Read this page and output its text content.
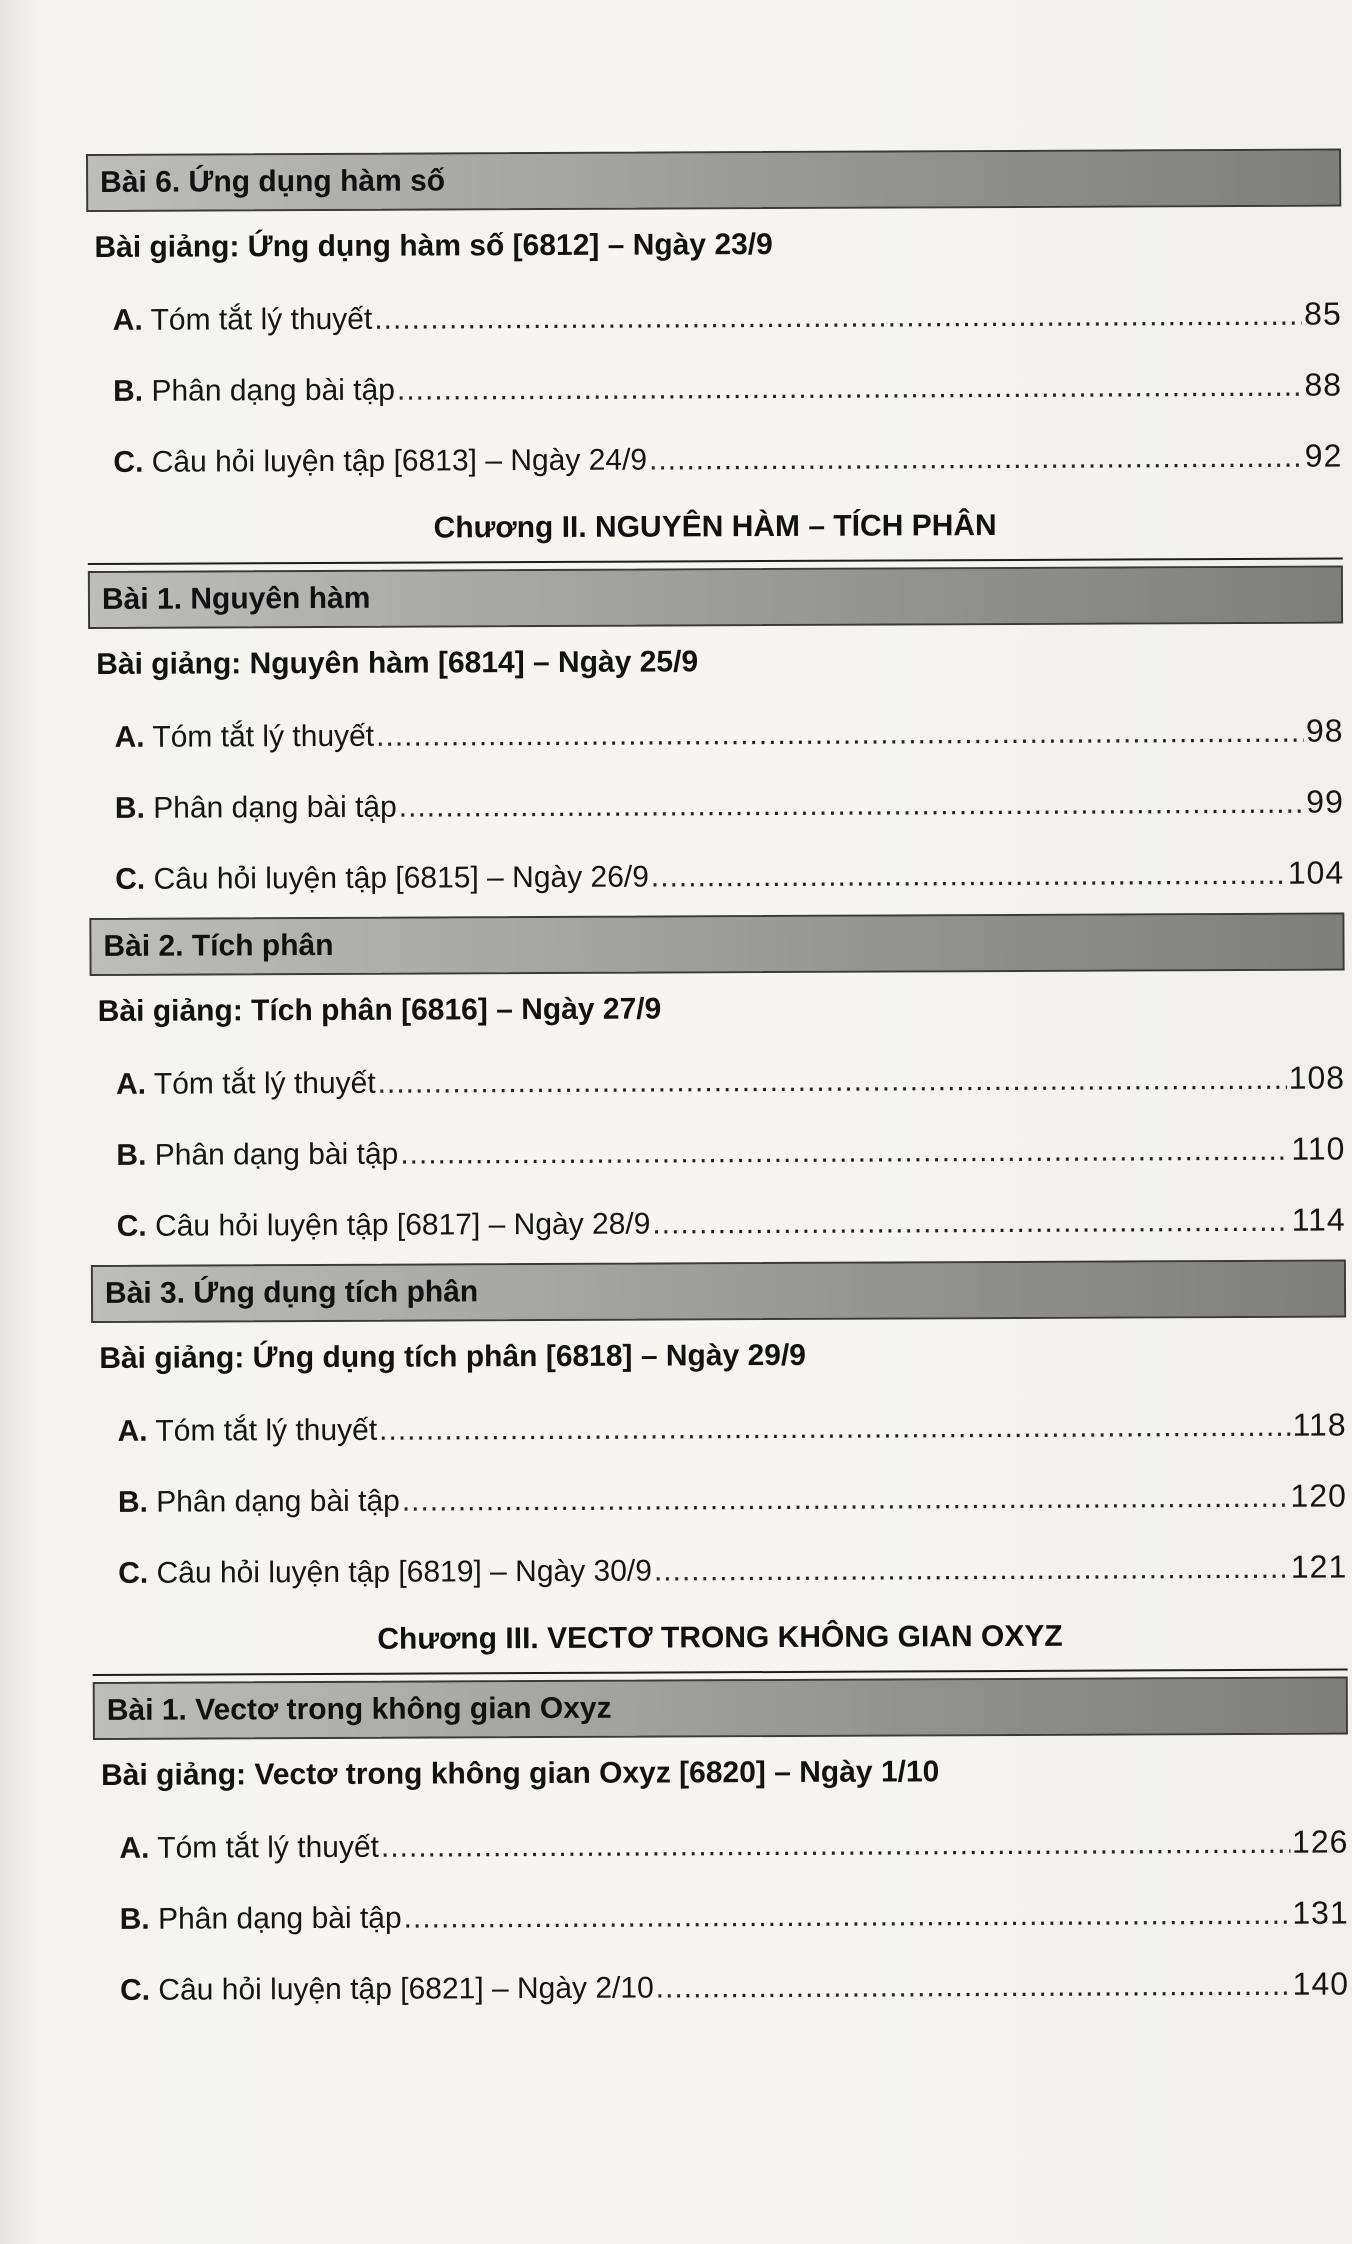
Bài 6. Ứng dụng hàm số
Bài giảng: Ứng dụng hàm số [6812] – Ngày 23/9
A. Tóm tắt lý thuyết .....	85
B. Phân dạng bài tập .....	88
C. Câu hỏi luyện tập [6813] – Ngày 24/9 .....	92
Chương II. NGUYÊN HÀM – TÍCH PHÂN
Bài 1. Nguyên hàm
Bài giảng: Nguyên hàm [6814] – Ngày 25/9
A. Tóm tắt lý thuyết .....	98
B. Phân dạng bài tập .....	99
C. Câu hỏi luyện tập [6815] – Ngày 26/9 .....	104
Bài 2. Tích phân
Bài giảng: Tích phân [6816] – Ngày 27/9
A. Tóm tắt lý thuyết .....	108
B. Phân dạng bài tập .....	110
C. Câu hỏi luyện tập [6817] – Ngày 28/9 .....	114
Bài 3. Ứng dụng tích phân
Bài giảng: Ứng dụng tích phân [6818] – Ngày 29/9
A. Tóm tắt lý thuyết .....	118
B. Phân dạng bài tập .....	120
C. Câu hỏi luyện tập [6819] – Ngày 30/9 .....	121
Chương III. VECTƠ TRONG KHÔNG GIAN OXYZ
Bài 1. Vectơ trong không gian Oxyz
Bài giảng: Vectơ trong không gian Oxyz [6820] – Ngày 1/10
A. Tóm tắt lý thuyết .....	126
B. Phân dạng bài tập .....	131
C. Câu hỏi luyện tập [6821] – Ngày 2/10 .....	140
